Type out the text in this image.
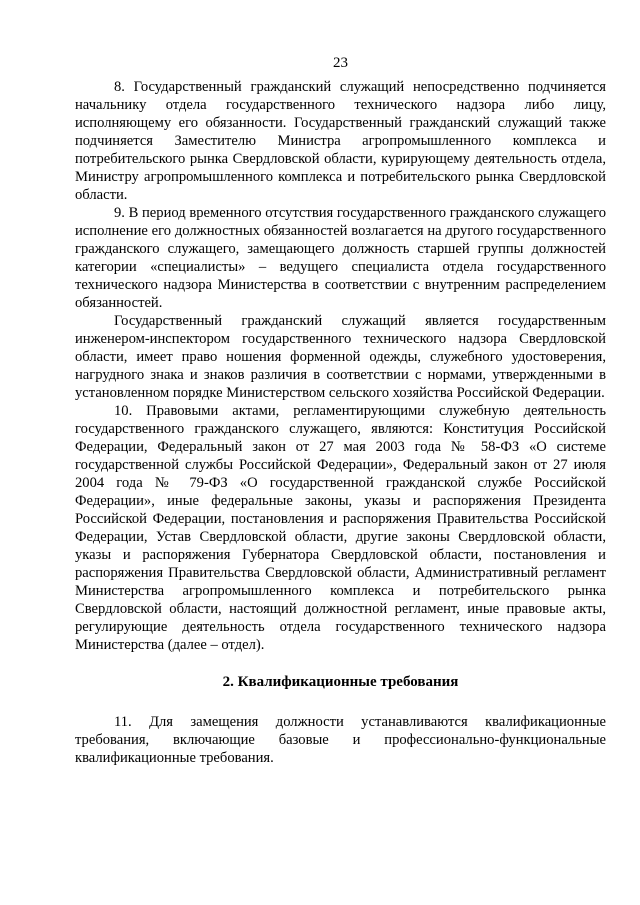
23

8. Государственный гражданский служащий непосредственно подчиняется начальнику отдела государственного технического надзора либо лицу, исполняющему его обязанности. Государственный гражданский служащий также подчиняется Заместителю Министра агропромышленного комплекса и потребительского рынка Свердловской области, курирующему деятельность отдела, Министру агропромышленного комплекса и потребительского рынка Свердловской области.

9. В период временного отсутствия государственного гражданского служащего исполнение его должностных обязанностей возлагается на другого государственного гражданского служащего, замещающего должность старшей группы должностей категории «специалисты» – ведущего специалиста отдела государственного технического надзора Министерства в соответствии с внутренним распределением обязанностей.

Государственный гражданский служащий является государственным инженером-инспектором государственного технического надзора Свердловской области, имеет право ношения форменной одежды, служебного удостоверения, нагрудного знака и знаков различия в соответствии с нормами, утвержденными в установленном порядке Министерством сельского хозяйства Российской Федерации.

10. Правовыми актами, регламентирующими служебную деятельность государственного гражданского служащего, являются: Конституция Российской Федерации, Федеральный закон от 27 мая 2003 года № 58-ФЗ «О системе государственной службы Российской Федерации», Федеральный закон от 27 июля 2004 года № 79-ФЗ «О государственной гражданской службе Российской Федерации», иные федеральные законы, указы и распоряжения Президента Российской Федерации, постановления и распоряжения Правительства Российской Федерации, Устав Свердловской области, другие законы Свердловской области, указы и распоряжения Губернатора Свердловской области, постановления и распоряжения Правительства Свердловской области, Административный регламент Министерства агропромышленного комплекса и потребительского рынка Свердловской области, настоящий должностной регламент, иные правовые акты, регулирующие деятельность отдела государственного технического надзора Министерства (далее – отдел).

2. Квалификационные требования

11. Для замещения должности устанавливаются квалификационные требования, включающие базовые и профессионально-функциональные квалификационные требования.
